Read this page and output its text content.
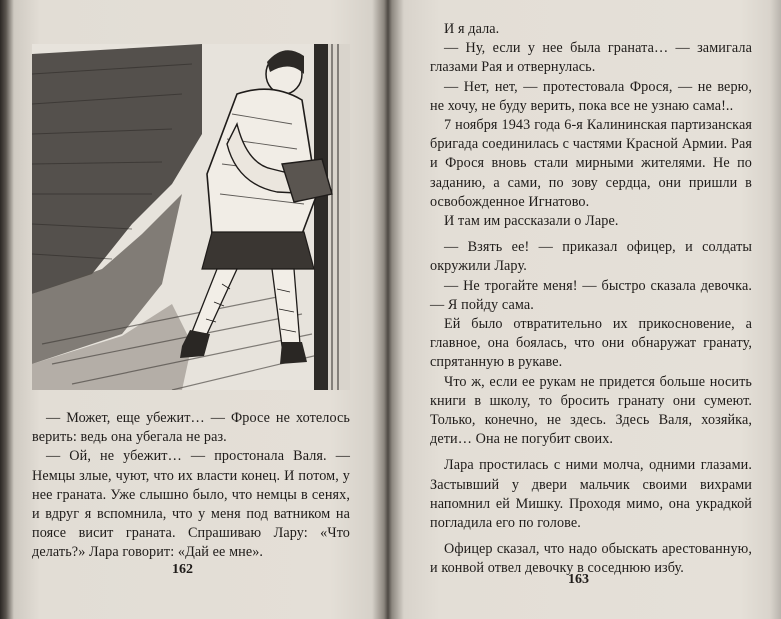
— Может, еще убежит… — Фросе не хотелось верить: ведь она убегала не раз.

— Ой, не убежит… — простонала Валя. — Немцы злые, чуют, что их власти конец. И потом, у нее граната. Уже слышно было, что немцы в сенях, и вдруг я вспомнила, что у меня под ватником на поясе висит граната. Спрашиваю Лару: «Что делать?» Лара говорит: «Дай ее мне».

162

И я дала.

— Ну, если у нее была граната… — замигала глазами Рая и отвернулась.

— Нет, нет, — протестовала Фрося, — не верю, не хочу, не буду верить, пока все не узнаю сама!..

7 ноября 1943 года 6-я Калининская партизанская бригада соединилась с частями Красной Армии. Рая и Фрося вновь стали мирными жителями. Не по заданию, а сами, по зову сердца, они пришли в освобожденное Игнатово.

И там им рассказали о Ларе.

— Взять ее! — приказал офицер, и солдаты окружили Лару.

— Не трогайте меня! — быстро сказала девочка. — Я пойду сама.

Ей было отвратительно их прикосновение, а главное, она боялась, что они обнаружат гранату, спрятанную в рукаве.

Что ж, если ее рукам не придется больше носить книги в школу, то бросить гранату они сумеют. Только, конечно, не здесь. Здесь Валя, хозяйка, дети… Она не погубит своих.

Лара простилась с ними молча, одними глазами. Застывший у двери мальчик своими вихрами напомнил ей Мишку. Проходя мимо, она украдкой погладила его по голове.

Офицер сказал, что надо обыскать арестованную, и конвой отвел девочку в соседнюю избу.

163
